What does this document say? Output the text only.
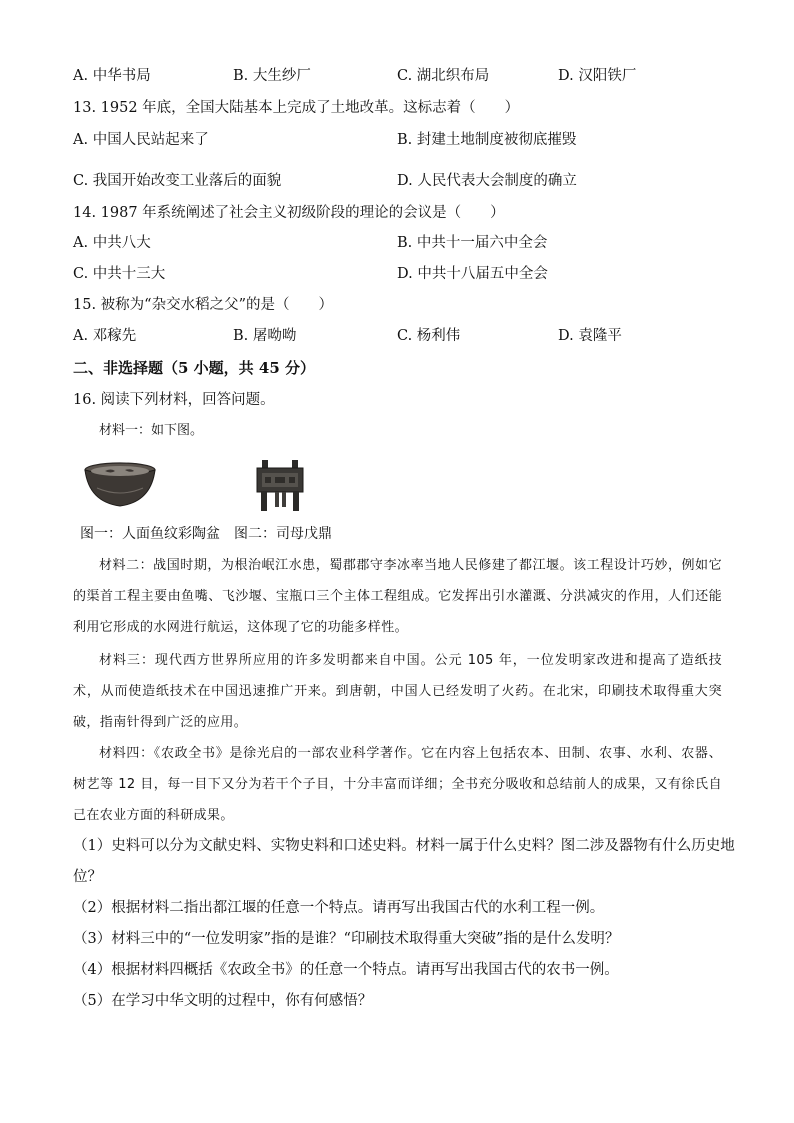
A. 中华书局	B. 大生纱厂	C. 湖北织布局	D. 汉阳铁厂
13. 1952 年底，全国大陆基本上完成了土地改革。这标志着（　　）
A. 中国人民站起来了	B. 封建土地制度被彻底摧毁
C. 我国开始改变工业落后的面貌	D. 人民代表大会制度的确立
14. 1987 年系统阐述了社会主义初级阶段的理论的会议是（　　）
A. 中共八大	B. 中共十一届六中全会
C. 中共十三大	D. 中共十八届五中全会
15. 被称为“杂交水稻之父”的是（　　）
A. 邓稼先	B. 屠呦呦	C. 杨利伟	D. 袁隆平
二、非选择题（5 小题，共 45 分）
16. 阅读下列材料，回答问题。
材料一：如下图。
图一：人面鱼纹彩陶盆　图二：司母戊鼎

材料二：战国时期，为根治岷江水患，蜀郡郡守李冰率当地人民修建了都江堰。该工程设计巧妙，例如它的渠首工程主要由鱼嘴、飞沙堰、宝瓶口三个主体工程组成。它发挥出引水灌溉、分洪减灾的作用，人们还能利用它形成的水网进行航运，这体现了它的功能多样性。

材料三：现代西方世界所应用的许多发明都来自中国。公元 105 年，一位发明家改进和提高了造纸技术，从而使造纸技术在中国迅速推广开来。到唐朝，中国人已经发明了火药。在北宋，印刷技术取得重大突破，指南针得到广泛的应用。

材料四：《农政全书》是徐光启的一部农业科学著作。它在内容上包括农本、田制、农事、水利、农器、树艺等 12 目，每一目下又分为若干个子目，十分丰富而详细；全书充分吸收和总结前人的成果，又有徐氏自己在农业方面的科研成果。

（1）史料可以分为文献史料、实物史料和口述史料。材料一属于什么史料？图二涉及器物有什么历史地
位？
（2）根据材料二指出都江堰的任意一个特点。请再写出我国古代的水利工程一例。
（3）材料三中的“一位发明家”指的是谁？“印刷技术取得重大突破”指的是什么发明？
（4）根据材料四概括《农政全书》的任意一个特点。请再写出我国古代的农书一例。
（5）在学习中华文明的过程中，你有何感悟？
